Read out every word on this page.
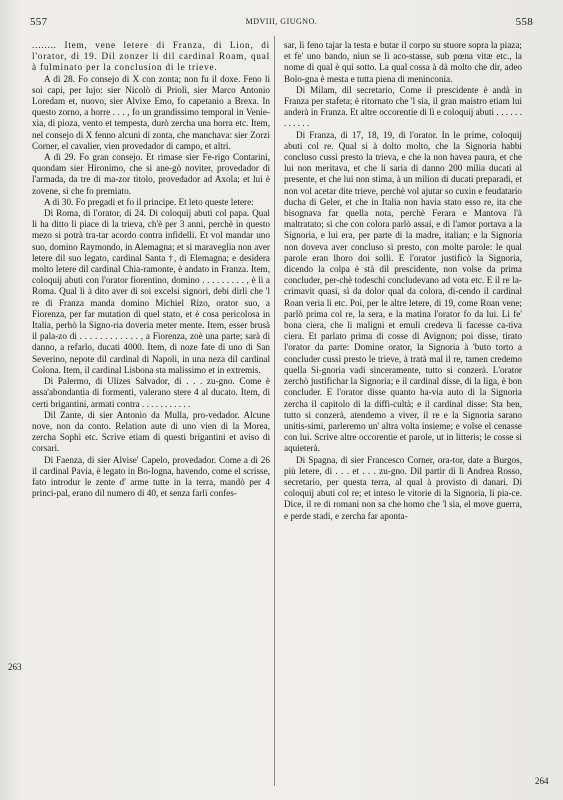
557	MDVIII, GIUGNO.	558

........ Item, vene letere di Franza, di Lion, di l'orator, di 19. Dil zonzer li dil cardinal Roam, qual à fulminato per la conclusion di le trieve.

A dì 28. Fo consejo di X con zonta; non fu il doxe. Feno li soi capi, per lujo: sier Nicolò di Priolì, sier Marco Antonio Loredam et, nuovo, sier Alvixe Emo, fo capetanio a Brexa. In questo zorno, a horre . . . , fo un grandissimo temporal in Venie-xia, di pioza, vento et tempesta, durò zercha una horra etc. Item, nel consejo di X fenno alcuni di zonta, che manchava: sier Zorzi Corner, el cavalier, vien provedador di campo, et altri.

A dì 29. Fo gran consejo. Et rimase sier Fe-rigo Contarini, quondam sier Hironimo, che si ane-gò noviter, provedador di l'armada, da tre di ma-zor titolo, provedador ad Axola; et lui è zovene, sì che fo premiato.

A dì 30. Fo pregadi et fo il principe. Et leto queste letere:

Di Roma, di l'orator, di 24. Di coloquij abuti col papa. Qual li ha ditto li piace di la trieva, ch'è per 3 anni, perchè in questo mezo si potrà tra-tar acordo contra infidelli. Et vol mandar uno suo, domino Raymondo, in Alemagna; et si maraveglia non aver letere dil suo legato, cardinal Santa †, di Elemagna; e desidera molto letere dil cardinal Chia-ramonte, è andato in Franza. Item, coloquij abuti con l'orator fiorentino, domino . . . . . . . . . , è lì a Roma. Qual li à dito aver di soi excelsi signori, debi dirli che 'l re di Franza manda domino Michiel Rizo, orator suo, a Fiorenza, per far mutation di quel stato, et è cosa pericolosa in Italia, perhò la Signo-ria doveria meter mente. Item, esser brusà il pala-zo di . . . . . . . . . . . . , a Fiorenza, zoè una parte; sarà di danno, a refarlo, ducati 4000. Item, di noze fate di uno di San Severino, nepote dil cardinal di Napoli, in una neza dil cardinal Colona. Item, il cardinal Lisbona sta malissimo et in extremis.

Di Palermo, di Ulizes Salvador, di . . . zu-gno. Come è assa'abondantia di formenti, valerano stere 4 al ducato. Item, di certi brigantini, armati contra . . . . . . . . . . .

Dil Zante, di sier Antonio da Mulla, pro-vedador. Alcune nove, non da conto. Relation aute di uno vien di la Morea, zercha Sophi etc. Scrive etiam di questi brigantini et aviso di corsari.

Di Faenza, di sier Alvise' Capelo, provedador. Come a dì 26 il cardinal Pavia, è legato in Bo-logna, havendo, come el scrisse, fato introdur le zente d' arme tutte in la terra, mandò per 4 princi-pal, erano dil numero di 40, et senza farli confes-

sar, li feno tajar la testa e butar il corpo su stuore sopra la piaza; et fe' uno bando, niun se li aco-stasse, sub pœna vitæ etc., la nome di qual è qui sotto. La qual cossa à dà molto che dir, adeo Bolo-gna è mesta e tutta piena di meninconia.

Di Milam, dil secretario, Come il prescidente è andà in Franza per stafeta; è ritornato che 'l sia, il gran maistro etiam lui anderà in Franza. Et altre occorentie di lì e coloquij abuti . . . . . . . . . . . .

Di Franza, di 17, 18, 19, di l'orator. In le prime, coloquij abuti col re. Qual si à dolto molto, che la Signoria habbi concluso cussì presto la trieva, e che la non havea paura, et che lui non meritava, et che li saria di danno 200 milia ducati al presente, et che lui non stima, à un milion di ducati preparadi, et non vol acetar dite trieve, perchè vol ajutar so cuxin e feudatario ducha di Geler, et che in Italia non havia stato esso re, ita che bisognava far quella nota, perchè Ferara e Mantova l'à maltratato; sì che con colora parlò assai, e di l'amor portava a la Signoria, e lui era, per parte di la madre, italian; e la Signoria non doveva aver concluso sì presto, con molte parole: le qual parole eran lhoro doi solli. E l'orator justificò la Signoria, dicendo la colpa è stà dil prescidente, non volse da prima concluder, per-chè todeschi concludevano ad vota etc. E il re la-crimavit quasi, sì da dolor qual da colora, di-cendo il cardinal Roan veria lì etc. Poi, per le altre letere, di 19, come Roan vene; parlò prima col re, la sera, e la matina l'orator fo da lui. Li fe' bona ciera, che li maligni et emuli credeva li facesse ca-tiva ciera. Et parlato prima di cosse di Avignon; poi disse, tirato l'orator da parte: Domine orator, la Signoria à 'buto torto a concluder cussì presto le trieve, à tratà mal il re, tamen credemo quella Si-gnoria vadi sinceramente, tutto si conzerà. L'orator zerchò justifichar la Signoria; e il cardinal disse, di la liga, è bon concluder. E l'orator disse quanto ha-via auto di la Signoria zercha il capitolo di la diffi-cultà; e il cardinal disse: Sta ben, tutto si conzerà, atendemo a viver, il re e la Signoria sarano unitis-simi, parleremo un' altra volta insieme; e volse el cenasse con lui. Scrive altre occorentie et parole, ut in litteris; le cosse si aquieterà.

Di Spagna, di sier Francesco Corner, ora-tor, date a Burgos, più letere, di . . . et . . . zu-gno. Dil partir di li Andrea Rosso, secretario, per questa terra, al qual à provisto di danari. Di coloquij abuti col re; et inteso le vitorie di la Signoria, li pia-ce. Dice, il re di romani non sa che homo che 'l sia, el move guerra, e perde stadi, e zercha far aponta-

263
264
